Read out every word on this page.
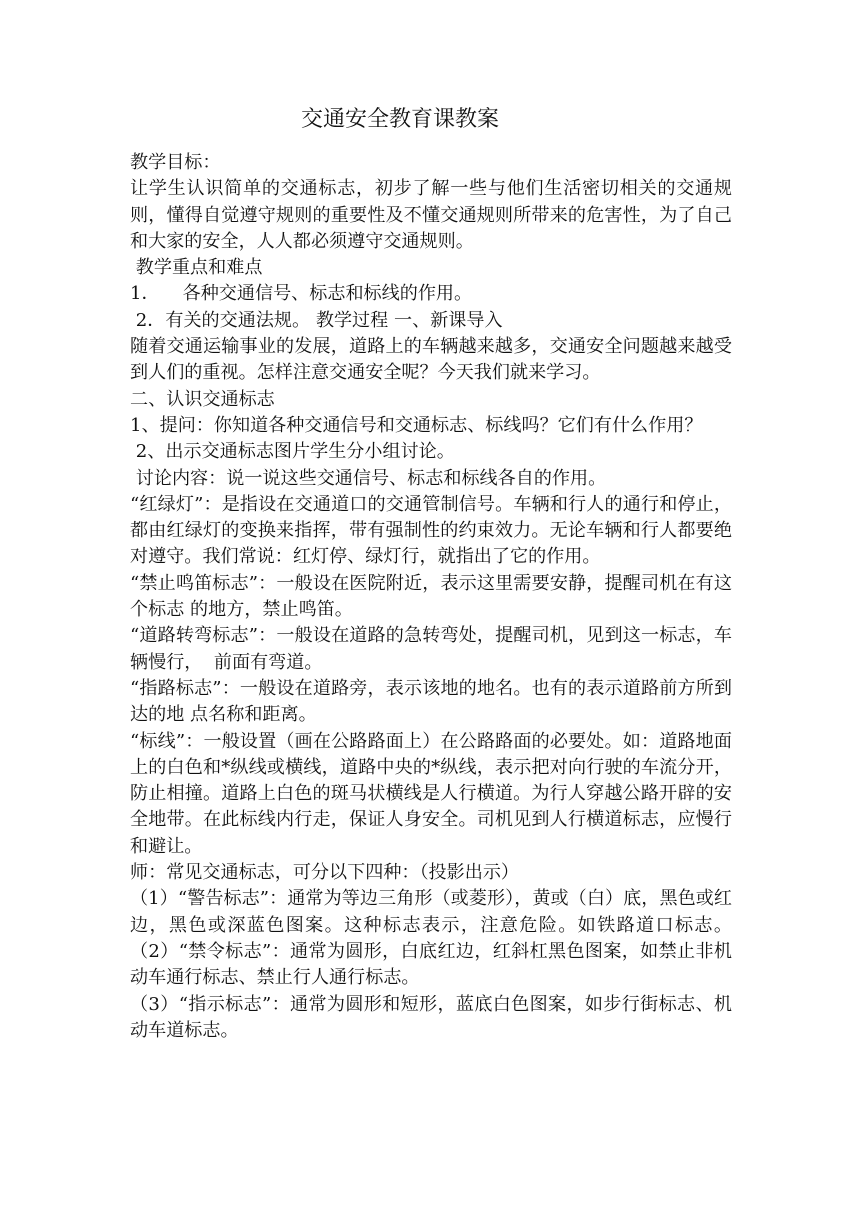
交通安全教育课教案

教学目标：

让学生认识简单的交通标志，初步了解一些与他们生活密切相关的交通规则，懂得自觉遵守规则的重要性及不懂交通规则所带来的危害性，为了自己和大家的安全，人人都必须遵守交通规则。

教学重点和难点

1．    各种交通信号、标志和标线的作用。

2．有关的交通法规。 教学过程 一、新课导入

随着交通运输事业的发展，道路上的车辆越来越多，交通安全问题越来越受到人们的重视。怎样注意交通安全呢？今天我们就来学习。

二、认识交通标志

1、提问：你知道各种交通信号和交通标志、标线吗？它们有什么作用？

2、出示交通标志图片学生分小组讨论。

讨论内容：说一说这些交通信号、标志和标线各自的作用。

“红绿灯”：是指设在交通道口的交通管制信号。车辆和行人的通行和停止，都由红绿灯的变换来指挥，带有强制性的约束效力。无论车辆和行人都要绝对遵守。我们常说：红灯停、绿灯行，就指出了它的作用。

“禁止鸣笛标志”：一般设在医院附近，表示这里需要安静，提醒司机在有这个标志 的地方，禁止鸣笛。

“道路转弯标志”：一般设在道路的急转弯处，提醒司机，见到这一标志，车辆慢行，  前面有弯道。

“指路标志”：一般设在道路旁，表示该地的地名。也有的表示道路前方所到达的地 点名称和距离。

“标线”：一般设置（画在公路路面上）在公路路面的必要处。如：道路地面上的白色和*纵线或横线，道路中央的*纵线，表示把对向行驶的车流分开，防止相撞。道路上白色的斑马状横线是人行横道。为行人穿越公路开辟的安全地带。在此标线内行走，保证人身安全。司机见到人行横道标志，应慢行和避让。

师：常见交通标志，可分以下四种：（投影出示）

（1）“警告标志”：通常为等边三角形（或菱形），黄或（白）底，黑色或红边，黑色或深蓝色图案。这种标志表示，注意危险。如铁路道口标志。 （2）“禁令标志”：通常为圆形，白底红边，红斜杠黑色图案，如禁止非机动车通行标志、禁止行人通行标志。

（3）“指示标志”：通常为圆形和短形，蓝底白色图案，如步行街标志、机动车道标志。
